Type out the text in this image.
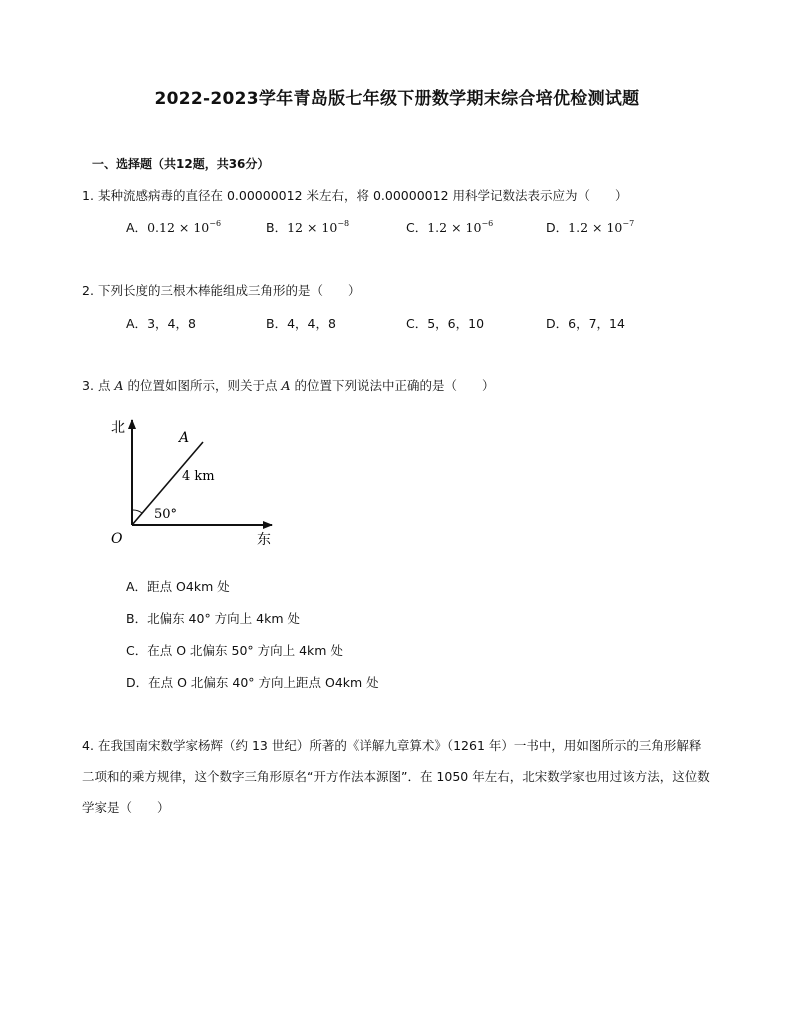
2022-2023学年青岛版七年级下册数学期末综合培优检测试题
一、选择题（共12题，共36分）
1. 某种流感病毒的直径在 0.00000012 米左右，将 0.00000012 用科学记数法表示应为（　　）
A．$0.12 \times 10^{-6}$	B．$12 \times 10^{-8}$	C．$1.2 \times 10^{-6}$	D．$1.2 \times 10^{-7}$
2. 下列长度的三根木棒能组成三角形的是（　　）
A．3，4，8	B．4，4，8	C．5，6，10	D．6，7，14
3. 点 A 的位置如图所示，则关于点 A 的位置下列说法中正确的是（　　）
北
东
O
A
4 km
50°
A．距点 O4km 处
B．北偏东 40° 方向上 4km 处
C．在点 O 北偏东 50° 方向上 4km 处
D．在点 O 北偏东 40° 方向上距点 O4km 处
4. 在我国南宋数学家杨辉（约 13 世纪）所著的《详解九章算术》（1261 年）一书中，用如图所示的三角形解释二项和的乘方规律，这个数字三角形原名“开方作法本源图”．在 1050 年左右，北宋数学家也用过该方法，这位数学家是（　　）
